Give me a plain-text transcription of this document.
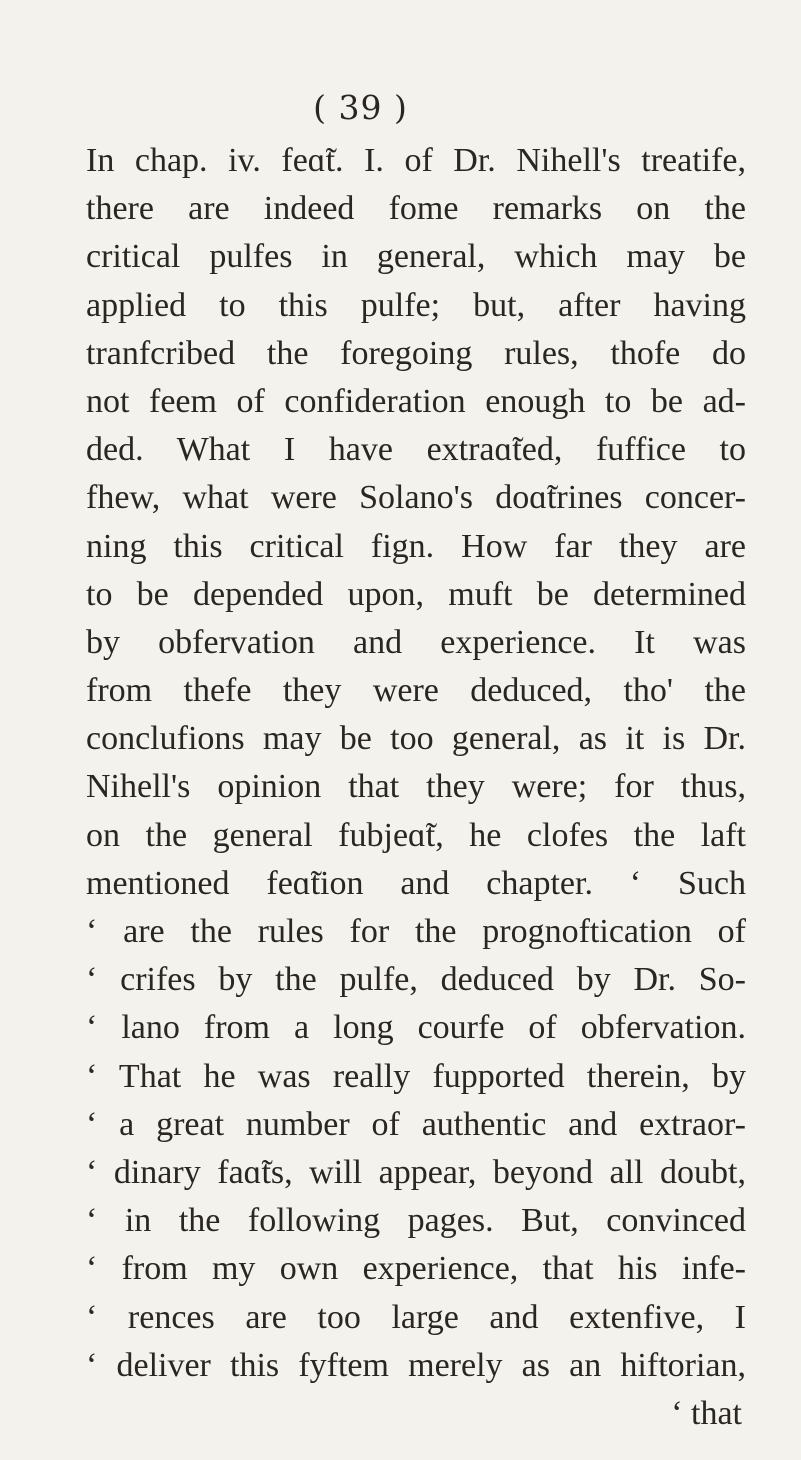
( 39 )
In chap. iv. feɑ̃t. I. of Dr. Nihell's treatife,
there are indeed fome remarks on the
critical pulfes in general, which may be
applied to this pulfe; but, after having
tranfcribed the foregoing rules, thofe do
not feem of confideration enough to be ad-
ded. What I have extraɑ̃ted, fuffice to
fhew, what were Solano's doɑ̃trines concer-
ning this critical fign. How far they are
to be depended upon, muft be determined
by obfervation and experience. It was
from thefe they were deduced, tho' the
conclufions may be too general, as it is Dr.
Nihell's opinion that they were; for thus,
on the general fubjeɑ̃t, he clofes the laft
mentioned feɑ̃tion and chapter. ‘ Such
‘ are the rules for the prognoftication of
‘ crifes by the pulfe, deduced by Dr. So-
‘ lano from a long courfe of obfervation.
‘ That he was really fupported therein, by
‘ a great number of authentic and extraor-
‘ dinary faɑ̃ts, will appear, beyond all doubt,
‘ in the following pages. But, convinced
‘ from my own experience, that his infe-
‘ rences are too large and extenfive, I
‘ deliver this fyftem merely as an hiftorian,
‘ that
